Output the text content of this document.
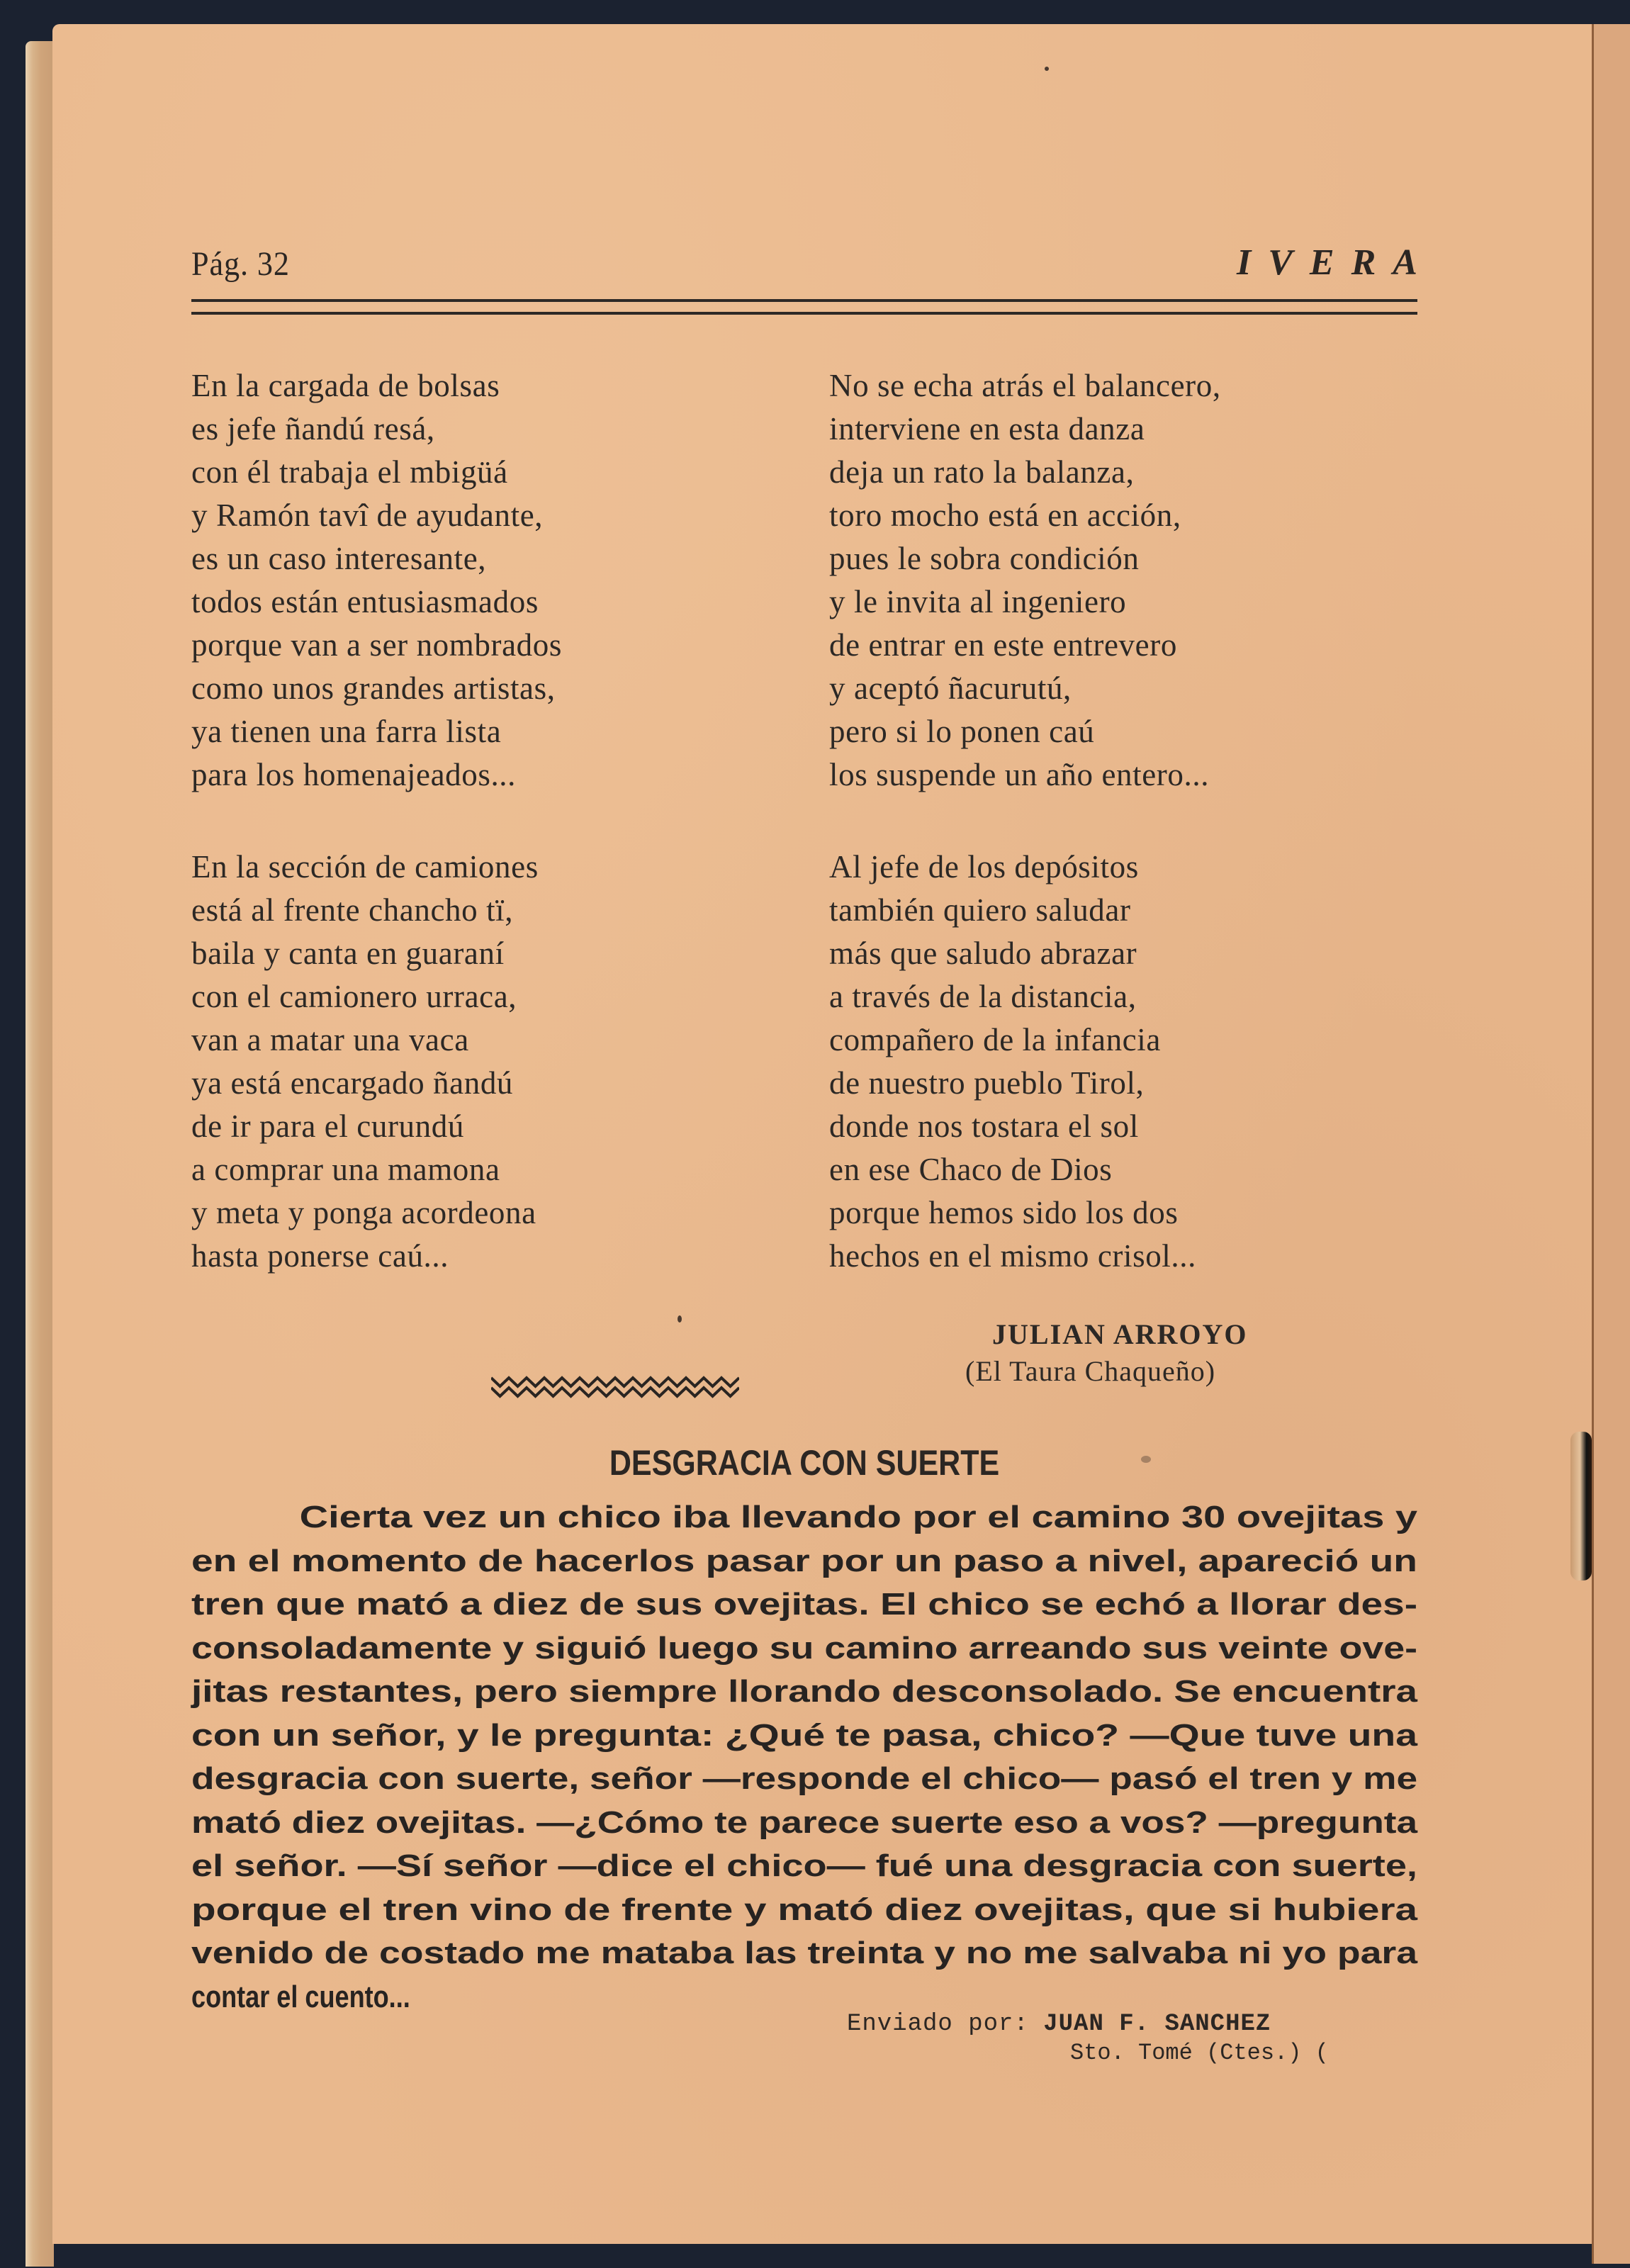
Pág. 32	IVERA
En la cargada de bolsas
es jefe ñandú resá,
con él trabaja el mbigüá
y Ramón tavî de ayudante,
es un caso interesante,
todos están entusiasmados
porque van a ser nombrados
como unos grandes artistas,
ya tienen una farra lista
para los homenajeados...
En la sección de camiones
está al frente chancho tï,
baila y canta en guaraní
con el camionero urraca,
van a matar una vaca
ya está encargado ñandú
de ir para el curundú
a comprar una mamona
y meta y ponga acordeona
hasta ponerse caú...
No se echa atrás el balancero,
interviene en esta danza
deja un rato la balanza,
toro mocho está en acción,
pues le sobra condición
y le invita al ingeniero
de entrar en este entrevero
y aceptó ñacurutú,
pero si lo ponen caú
los suspende un año entero...
Al jefe de los depósitos
también quiero saludar
más que saludo abrazar
a través de la distancia,
compañero de la infancia
de nuestro pueblo Tirol,
donde nos tostara el sol
en ese Chaco de Dios
porque hemos sido los dos
hechos en el mismo crisol...
JULIAN ARROYO
(El Taura Chaqueño)
DESGRACIA CON SUERTE
Cierta vez un chico iba llevando por el camino 30 ovejitas y
en el momento de hacerlos pasar por un paso a nivel, apareció un
tren que mató a diez de sus ovejitas. El chico se echó a llorar des-
consoladamente y siguió luego su camino arreando sus veinte ove-
jitas restantes, pero siempre llorando desconsolado. Se encuentra
con un señor, y le pregunta: ¿Qué te pasa, chico? —Que tuve una
desgracia con suerte, señor —responde el chico— pasó el tren y me
mató diez ovejitas. —¿Cómo te parece suerte eso a vos? —pregunta
el señor. —Sí señor —dice el chico— fué una desgracia con suerte,
porque el tren vino de frente y mató diez ovejitas, que si hubiera
venido de costado me mataba las treinta y no me salvaba ni yo para
contar el cuento...
Enviado por: JUAN F. SANCHEZ
Sto. Tomé (Ctes.) (
